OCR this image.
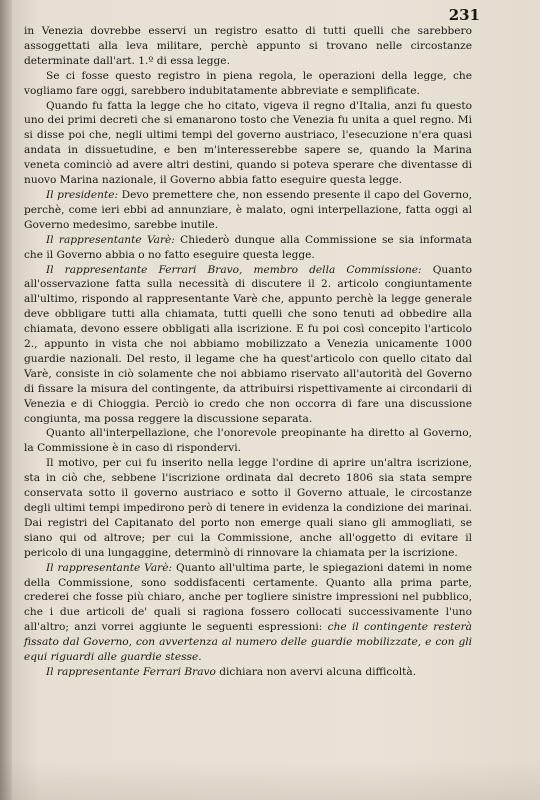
231

in Venezia dovrebbe esservi un registro esatto di tutti quelli che sarebbero assoggettati alla leva militare, perchè appunto si trovano nelle circostanze determinate dall'art. 1.º di essa legge.

Se ci fosse questo registro in piena regola, le operazioni della legge, che vogliamo fare oggi, sarebbero indubitatamente abbreviate e semplificate.

Quando fu fatta la legge che ho citato, vigeva il regno d'Italia, anzi fu questo uno dei primi decreti che si emanarono tosto che Venezia fu unita a quel regno. Mi si disse poi che, negli ultimi tempi del governo austriaco, l'esecuzione n'era quasi andata in dissuetudine, e ben m'interesserebbe sapere se, quando la Marina veneta cominciò ad avere altri destini, quando si poteva sperare che diventasse di nuovo Marina nazionale, il Governo abbia fatto eseguire questa legge.

Il presidente: Devo premettere che, non essendo presente il capo del Governo, perchè, come ieri ebbi ad annunziare, è malato, ogni interpellazione, fatta oggi al Governo medesimo, sarebbe inutile.

Il rappresentante Varè: Chiederò dunque alla Commissione se sia informata che il Governo abbia o no fatto eseguire questa legge.

Il rappresentante Ferrari Bravo, membro della Commissione: Quanto all'osservazione fatta sulla necessità di discutere il 2. articolo congiuntamente all'ultimo, rispondo al rappresentante Varè che, appunto perchè la legge generale deve obbligare tutti alla chiamata, tutti quelli che sono tenuti ad obbedire alla chiamata, devono essere obbligati alla iscrizione. E fu poi così concepito l'articolo 2., appunto in vista che noi abbiamo mobilizzato a Venezia unicamente 1000 guardie nazionali. Del resto, il legame che ha quest'articolo con quello citato dal Varè, consiste in ciò solamente che noi abbiamo riservato all'autorità del Governo di fissare la misura del contingente, da attribuirsi rispettivamente ai circondarii di Venezia e di Chioggia. Perciò io credo che non occorra di fare una discussione congiunta, ma possa reggere la discussione separata.

Quanto all'interpellazione, che l'onorevole preopinante ha diretto al Governo, la Commissione è in caso di rispondervi.

Il motivo, per cui fu inserito nella legge l'ordine di aprire un'altra iscrizione, sta in ciò che, sebbene l'iscrizione ordinata dal decreto 1806 sia stata sempre conservata sotto il governo austriaco e sotto il Governo attuale, le circostanze degli ultimi tempi impedirono però di tenere in evidenza la condizione dei marinai. Dai registri del Capitanato del porto non emerge quali siano gli ammogliati, se siano qui od altrove; per cui la Commissione, anche all'oggetto di evitare il pericolo di una lungaggine, determinò di rinnovare la chiamata per la iscrizione.

Il rappresentante Varè: Quanto all'ultima parte, le spiegazioni datemi in nome della Commissione, sono soddisfacenti certamente. Quanto alla prima parte, crederei che fosse più chiaro, anche per togliere sinistre impressioni nel pubblico, che i due articoli de' quali si ragiona fossero collocati successivamente l'uno all'altro; anzi vorrei aggiunte le seguenti espressioni: che il contingente resterà fissato dal Governo, con avvertenza al numero delle guardie mobilizzate, e con gli equi riguardi alle guardie stesse.

Il rappresentante Ferrari Bravo dichiara non avervi alcuna difficoltà.
